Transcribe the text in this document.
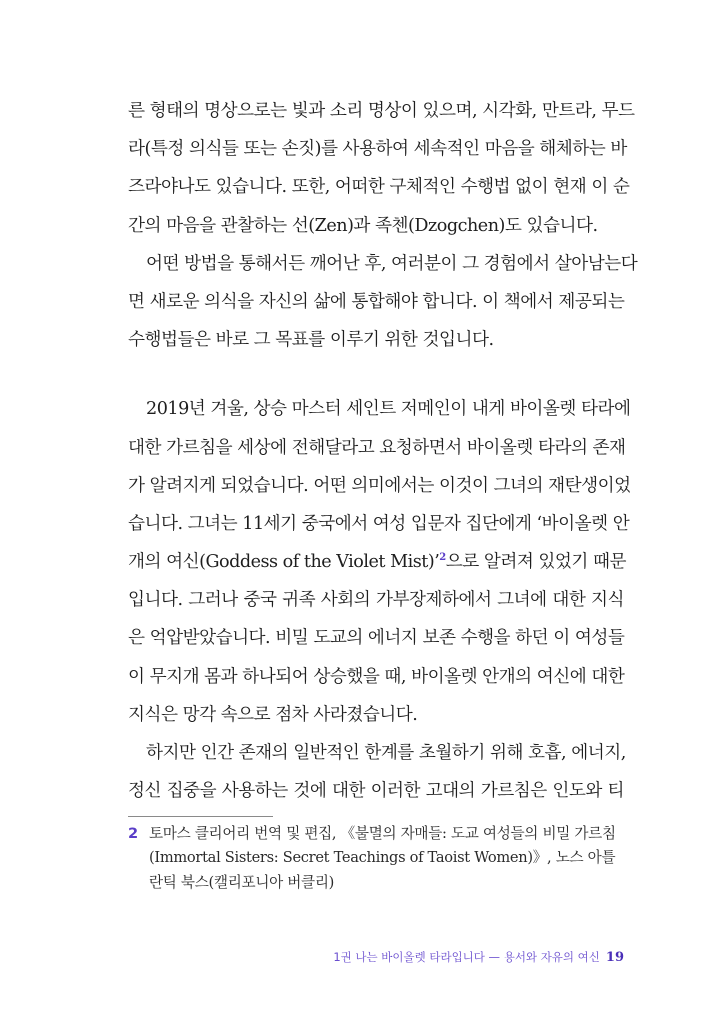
른 형태의 명상으로는 빛과 소리 명상이 있으며, 시각화, 만트라, 무드
라(특정 의식들 또는 손짓)를 사용하여 세속적인 마음을 해체하는 바
즈라야나도 있습니다. 또한, 어떠한 구체적인 수행법 없이 현재 이 순
간의 마음을 관찰하는 선(Zen)과 족첸(Dzogchen)도 있습니다.
어떤 방법을 통해서든 깨어난 후, 여러분이 그 경험에서 살아남는다
면 새로운 의식을 자신의 삶에 통합해야 합니다. 이 책에서 제공되는
수행법들은 바로 그 목표를 이루기 위한 것입니다.
2019년 겨울, 상승 마스터 세인트 저메인이 내게 바이올렛 타라에
대한 가르침을 세상에 전해달라고 요청하면서 바이올렛 타라의 존재
가 알려지게 되었습니다. 어떤 의미에서는 이것이 그녀의 재탄생이었
습니다. 그녀는 11세기 중국에서 여성 입문자 집단에게 ‘바이올렛 안
개의 여신(Goddess of the Violet Mist)’$^2$으로 알려져 있었기 때문
입니다. 그러나 중국 귀족 사회의 가부장제하에서 그녀에 대한 지식
은 억압받았습니다. 비밀 도교의 에너지 보존 수행을 하던 이 여성들
이 무지개 몸과 하나되어 상승했을 때, 바이올렛 안개의 여신에 대한
지식은 망각 속으로 점차 사라졌습니다.
하지만 인간 존재의 일반적인 한계를 초월하기 위해 호흡, 에너지,
정신 집중을 사용하는 것에 대한 이러한 고대의 가르침은 인도와 티
2 토마스 클리어리 번역 및 편집, 《불멸의 자매들: 도교 여성들의 비밀 가르침
(Immortal Sisters: Secret Teachings of Taoist Women)》, 노스 아틀
란틱 북스(캘리포니아 버클리)
1권 나는 바이올렛 타라입니다 — 용서와 자유의 여신 19
